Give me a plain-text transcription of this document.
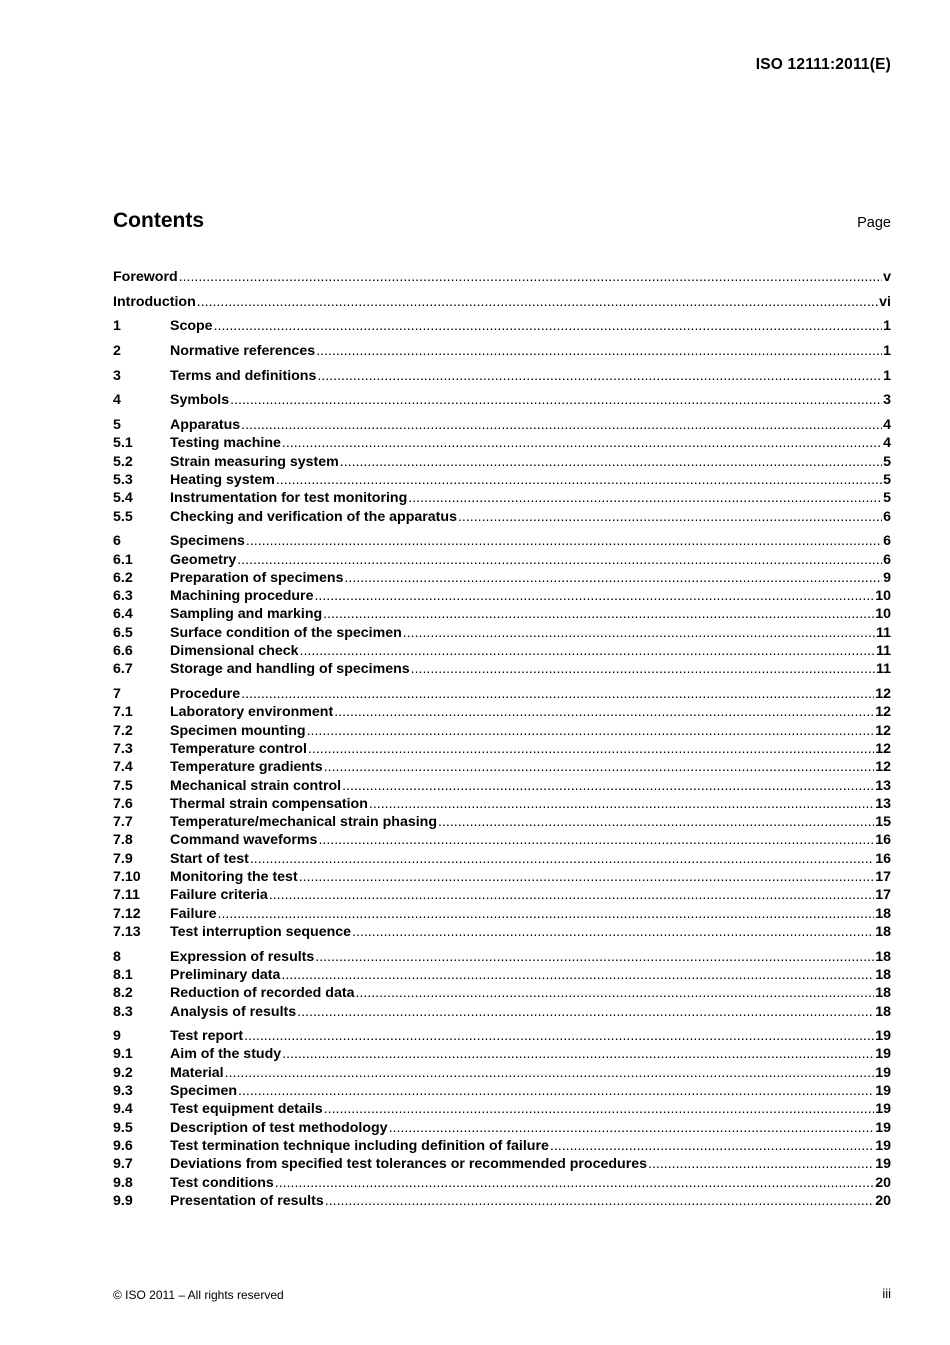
ISO 12111:2011(E)
Contents	Page
Foreword .....	v
Introduction .....	vi
1	Scope .....	1
2	Normative references .....	1
3	Terms and definitions .....	1
4	Symbols .....	3
5	Apparatus .....	4
5.1	Testing machine .....	4
5.2	Strain measuring system .....	5
5.3	Heating system .....	5
5.4	Instrumentation for test monitoring .....	5
5.5	Checking and verification of the apparatus .....	6
6	Specimens .....	6
6.1	Geometry .....	6
6.2	Preparation of specimens .....	9
6.3	Machining procedure .....	10
6.4	Sampling and marking .....	10
6.5	Surface condition of the specimen .....	11
6.6	Dimensional check .....	11
6.7	Storage and handling of specimens .....	11
7	Procedure .....	12
7.1	Laboratory environment .....	12
7.2	Specimen mounting .....	12
7.3	Temperature control .....	12
7.4	Temperature gradients .....	12
7.5	Mechanical strain control .....	13
7.6	Thermal strain compensation .....	13
7.7	Temperature/mechanical strain phasing .....	15
7.8	Command waveforms .....	16
7.9	Start of test .....	16
7.10	Monitoring the test .....	17
7.11	Failure criteria .....	17
7.12	Failure .....	18
7.13	Test interruption sequence .....	18
8	Expression of results .....	18
8.1	Preliminary data .....	18
8.2	Reduction of recorded data .....	18
8.3	Analysis of results .....	18
9	Test report .....	19
9.1	Aim of the study .....	19
9.2	Material .....	19
9.3	Specimen .....	19
9.4	Test equipment details .....	19
9.5	Description of test methodology .....	19
9.6	Test termination technique including definition of failure .....	19
9.7	Deviations from specified test tolerances or recommended procedures .....	19
9.8	Test conditions .....	20
9.9	Presentation of results .....	20
© ISO 2011 – All rights reserved	iii
